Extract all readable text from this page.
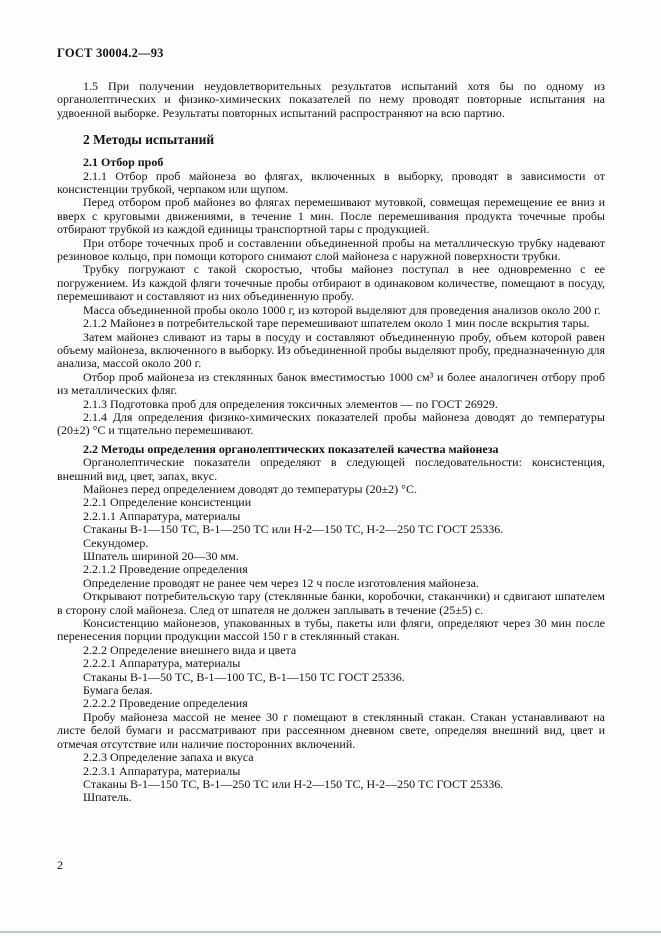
ГОСТ 30004.2—93
1.5 При получении неудовлетворительных результатов испытаний хотя бы по одному из органолептических и физико-химических показателей по нему проводят повторные испытания на удвоенной выборке. Результаты повторных испытаний распространяют на всю партию.
2 Методы испытаний
2.1 Отбор проб
2.1.1 Отбор проб майонеза во флягах, включенных в выборку, проводят в зависимости от консистенции трубкой, черпаком или щупом.
Перед отбором проб майонез во флягах перемешивают мутовкой, совмещая перемещение ее вниз и вверх с круговыми движениями, в течение 1 мин. После перемешивания продукта точечные пробы отбирают трубкой из каждой единицы транспортной тары с продукцией.
При отборе точечных проб и составлении объединенной пробы на металлическую трубку надевают резиновое кольцо, при помощи которого снимают слой майонеза с наружной поверхности трубки.
Трубку погружают с такой скоростью, чтобы майонез поступал в нее одновременно с ее погружением. Из каждой фляги точечные пробы отбирают в одинаковом количестве, помещают в посуду, перемешивают и составляют из них объединенную пробу.
Масса объединенной пробы около 1000 г, из которой выделяют для проведения анализов около 200 г.
2.1.2 Майонез в потребительской таре перемешивают шпателем около 1 мин после вскрытия тары.
Затем майонез сливают из тары в посуду и составляют объединенную пробу, объем которой равен объему майонеза, включенного в выборку. Из объединенной пробы выделяют пробу, предназначенную для анализа, массой около 200 г.
Отбор проб майонеза из стеклянных банок вместимостью 1000 см³ и более аналогичен отбору проб из металлических фляг.
2.1.3 Подготовка проб для определения токсичных элементов — по ГОСТ 26929.
2.1.4 Для определения физико-химических показателей пробы майонеза доводят до температуры (20±2) °С и тщательно перемешивают.
2.2 Методы определения органолептических показателей качества майонеза
Органолептические показатели определяют в следующей последовательности: консистенция, внешний вид, цвет, запах, вкус.
Майонез перед определением доводят до температуры (20±2) °С.
2.2.1 Определение консистенции
2.2.1.1 Аппаратура, материалы
Стаканы В-1—150 ТС, В-1—250 ТС или Н-2—150 ТС, Н-2—250 ТС ГОСТ 25336.
Секундомер.
Шпатель шириной 20—30 мм.
2.2.1.2 Проведение определения
Определение проводят не ранее чем через 12 ч после изготовления майонеза.
Открывают потребительскую тару (стеклянные банки, коробочки, стаканчики) и сдвигают шпателем в сторону слой майонеза. След от шпателя не должен заплывать в течение (25±5) с.
Консистенцию майонезов, упакованных в тубы, пакеты или фляги, определяют через 30 мин после перенесения порции продукции массой 150 г в стеклянный стакан.
2.2.2 Определение внешнего вида и цвета
2.2.2.1 Аппаратура, материалы
Стаканы В-1—50 ТС, В-1—100 ТС, В-1—150 ТС ГОСТ 25336.
Бумага белая.
2.2.2.2 Проведение определения
Пробу майонеза массой не менее 30 г помещают в стеклянный стакан. Стакан устанавливают на листе белой бумаги и рассматривают при рассеянном дневном свете, определяя внешний вид, цвет и отмечая отсутствие или наличие посторонних включений.
2.2.3 Определение запаха и вкуса
2.2.3.1 Аппаратура, материалы
Стаканы В-1—150 ТС, В-1—250 ТС или Н-2—150 ТС, Н-2—250 ТС ГОСТ 25336.
Шпатель.
2
